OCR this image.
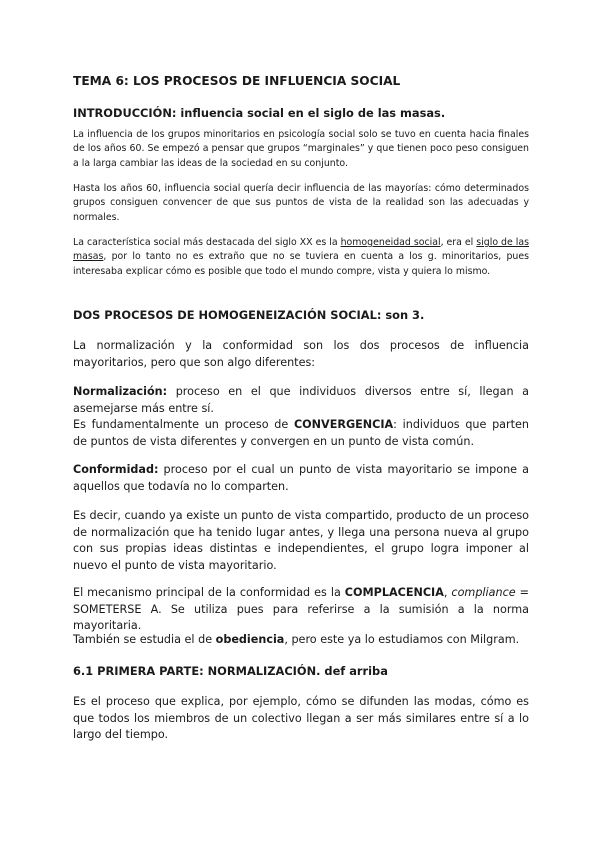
TEMA 6: LOS PROCESOS DE INFLUENCIA SOCIAL
INTRODUCCIÓN: influencia social en el siglo de las masas.

La influencia de los grupos minoritarios en psicología social solo se tuvo en cuenta hacia finales de los años 60. Se empezó a pensar que grupos “marginales” y que tienen poco peso consiguen a la larga cambiar las ideas de la sociedad en su conjunto.

Hasta los años 60, influencia social quería decir influencia de las mayorías: cómo determinados grupos consiguen convencer de que sus puntos de vista de la realidad son las adecuadas y normales.

La característica social más destacada del siglo XX es la homogeneidad social, era el siglo de las masas, por lo tanto no es extraño que no se tuviera en cuenta a los g. minoritarios, pues interesaba explicar cómo es posible que todo el mundo compre, vista y quiera lo mismo.

DOS PROCESOS DE HOMOGENEIZACIÓN SOCIAL: son 3.

La normalización y la conformidad son los dos procesos de influencia mayoritarios, pero que son algo diferentes:

Normalización: proceso en el que individuos diversos entre sí, llegan a asemejarse más entre sí.
Es fundamentalmente un proceso de CONVERGENCIA: individuos que parten de puntos de vista diferentes y convergen en un punto de vista común.

Conformidad: proceso por el cual un punto de vista mayoritario se impone a aquellos que todavía no lo comparten.

Es decir, cuando ya existe un punto de vista compartido, producto de un proceso de normalización que ha tenido lugar antes, y llega una persona nueva al grupo con sus propias ideas distintas e independientes, el grupo logra imponer al nuevo el punto de vista mayoritario.

El mecanismo principal de la conformidad es la COMPLACENCIA, compliance = SOMETERSE A. Se utiliza pues para referirse a la sumisión a la norma mayoritaria.

También se estudia el de obediencia, pero este ya lo estudiamos con Milgram.

6.1 PRIMERA PARTE: NORMALIZACIÓN. def arriba

Es el proceso que explica, por ejemplo, cómo se difunden las modas, cómo es que todos los miembros de un colectivo llegan a ser más similares entre sí a lo largo del tiempo.
